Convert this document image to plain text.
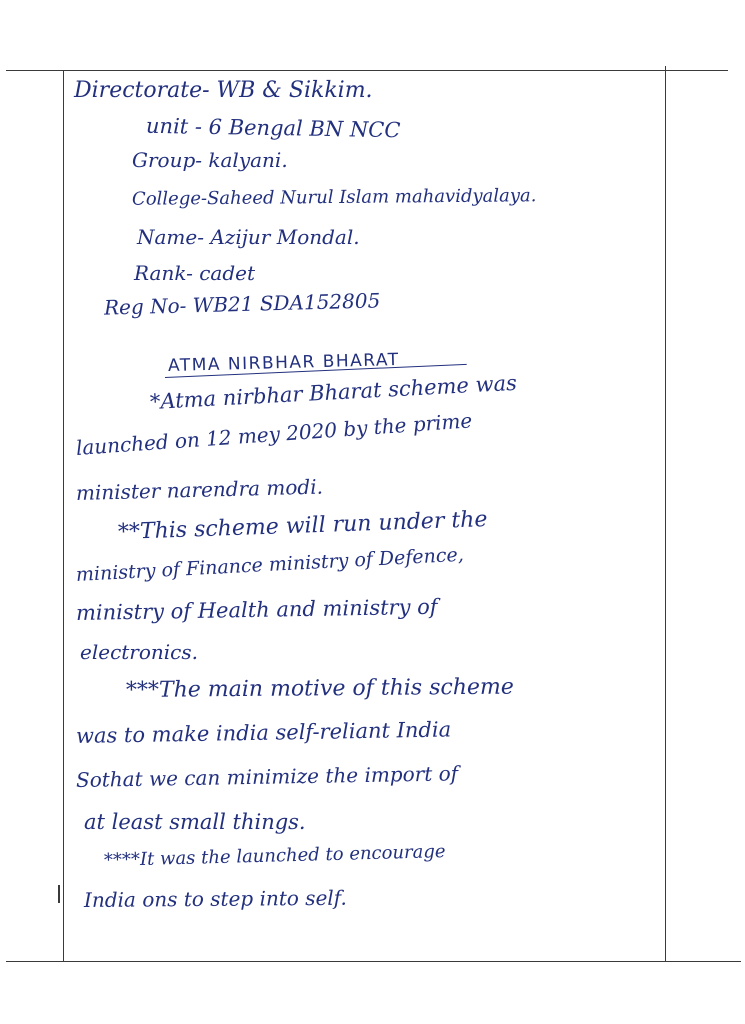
Directorate- WB & Sikkim.
unit - 6 Bengal BN NCC
Group- kalyani.
College-Saheed Nurul Islam mahavidyalaya.
Name- Azijur Mondal.
Rank- cadet
Reg No- WB21 SDA152805
ATMA NIRBHAR BHARAT
*Atma nirbhar Bharat scheme was
launched on 12 mey 2020 by the prime
minister narendra modi.
**This scheme will run under the
ministry of Finance ministry of Defence,
ministry of Health and ministry of
electronics.
***The main motive of this scheme
was to make india self-reliant India
Sothat we can minimize the import of
at least small things.
****It was the launched to encourage
India ons to step into self.
